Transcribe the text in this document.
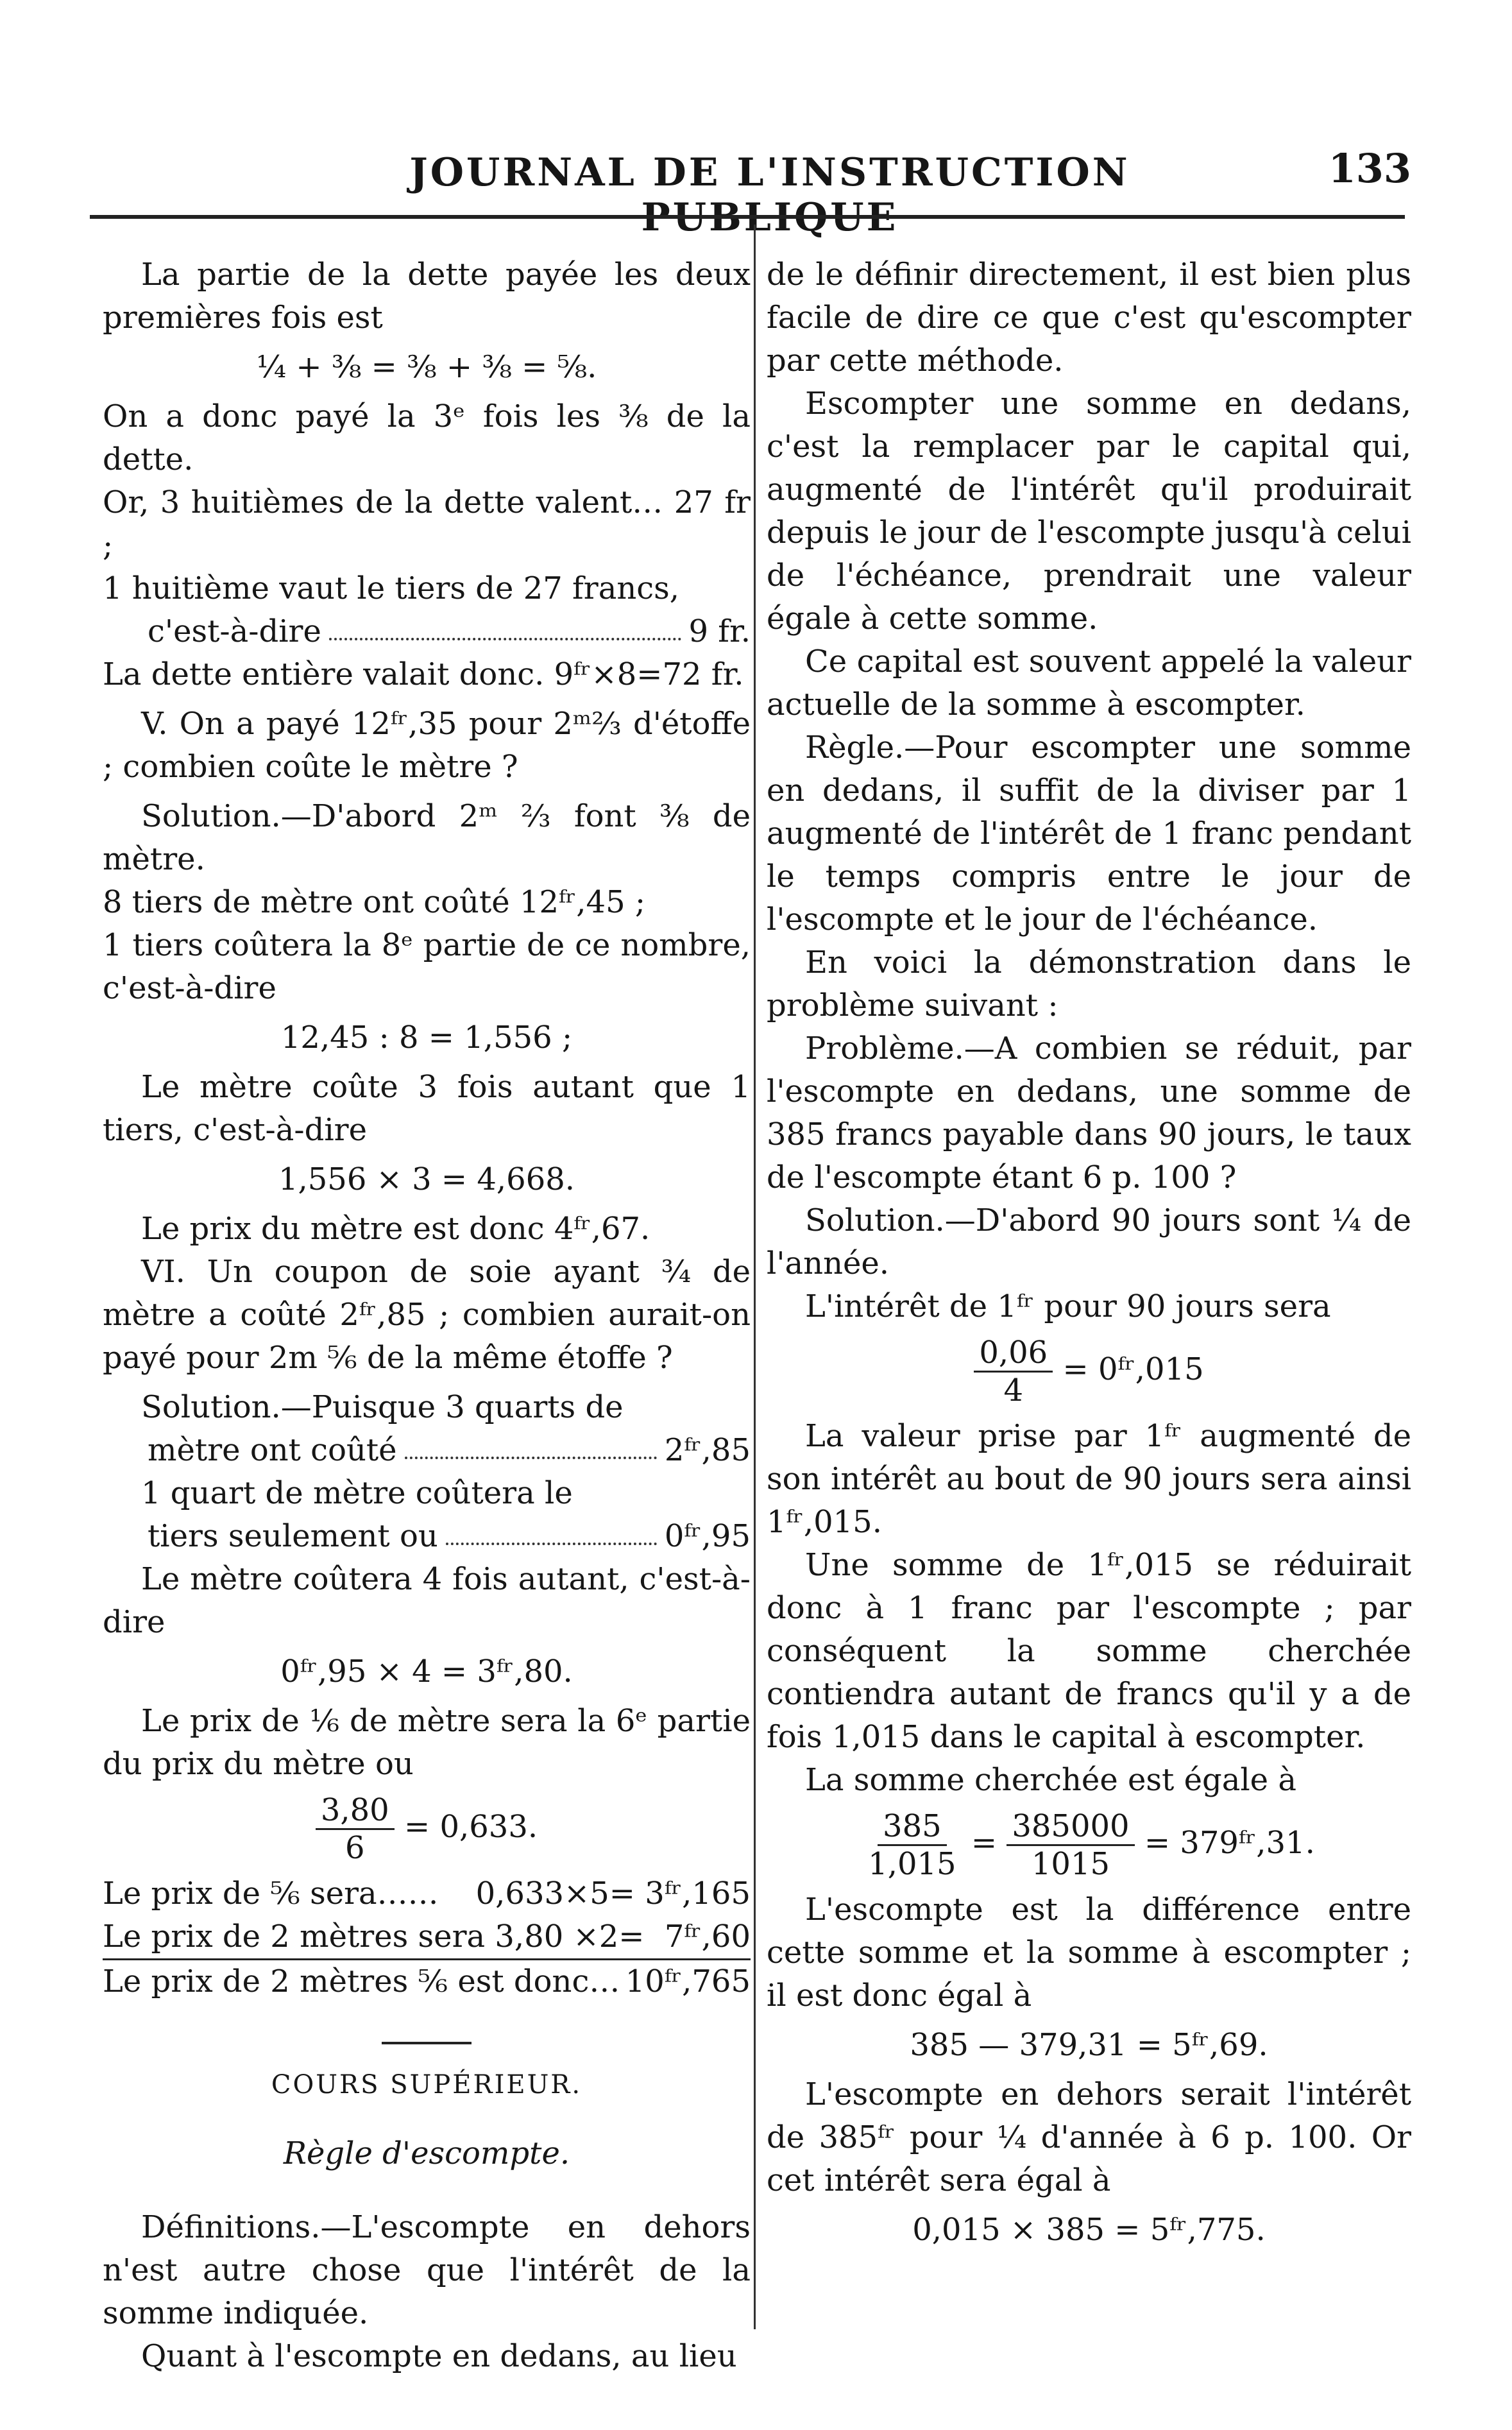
JOURNAL DE L'INSTRUCTION PUBLIQUE
133

La partie de la dette payée les deux premières fois est

¼ + ⅜ = ⅜ + ⅜ = ⅝.

On a donc payé la 3ᵉ fois les ⅜ de la dette.

Or, 3 huitièmes de la dette valent… 27 fr ;

1 huitième vaut le tiers de 27 francs,

c'est-à-dire	9 fr.

La dette entière valait donc. 9ᶠʳ×8=72 fr.

V. On a payé 12ᶠʳ,35 pour 2ᵐ⅔ d'étoffe ; combien coûte le mètre ?

Solution.—D'abord 2ᵐ ⅔ font ⅜ de mètre.

8 tiers de mètre ont coûté 12ᶠʳ,45 ;

1 tiers coûtera la 8ᵉ partie de ce nombre, c'est-à-dire

12,45 : 8 = 1,556 ;

Le mètre coûte 3 fois autant que 1 tiers, c'est-à-dire

1,556 × 3 = 4,668.

Le prix du mètre est donc 4ᶠʳ,67.

VI. Un coupon de soie ayant ¾ de mètre a coûté 2ᶠʳ,85 ; combien aurait-on payé pour 2m ⅚ de la même étoffe ?

Solution.—Puisque 3 quarts de

mètre ont coûté	2ᶠʳ,85

1 quart de mètre coûtera le

tiers seulement ou	0ᶠʳ,95

Le mètre coûtera 4 fois autant, c'est-à-dire

0ᶠʳ,95 × 4 = 3ᶠʳ,80.

Le prix de ⅙ de mètre sera la 6ᵉ partie du prix du mètre ou

$\frac{3,80}{6} = 0,633$.
Le prix de ⅚ sera…… 0,633×5= 3ᶠʳ,165
Le prix de 2 mètres sera 3,80 ×2= 7ᶠʳ,60
Le prix de 2 mètres ⅚ est donc… 10ᶠʳ,765

COURS SUPÉRIEUR.

Règle d'escompte.

Définitions.—L'escompte en dehors n'est autre chose que l'intérêt de la somme indiquée.

Quant à l'escompte en dedans, au lieu

de le définir directement, il est bien plus facile de dire ce que c'est qu'escompter par cette méthode.

Escompter une somme en dedans, c'est la remplacer par le capital qui, augmenté de l'intérêt qu'il produirait depuis le jour de l'escompte jusqu'à celui de l'échéance, prendrait une valeur égale à cette somme.

Ce capital est souvent appelé la valeur actuelle de la somme à escompter.

Règle.—Pour escompter une somme en dedans, il suffit de la diviser par 1 augmenté de l'intérêt de 1 franc pendant le temps compris entre le jour de l'escompte et le jour de l'échéance.

En voici la démonstration dans le problème suivant :

Problème.—A combien se réduit, par l'escompte en dedans, une somme de 385 francs payable dans 90 jours, le taux de l'escompte étant 6 p. 100 ?

Solution.—D'abord 90 jours sont ¼ de l'année.

L'intérêt de 1ᶠʳ pour 90 jours sera

$\frac{0,06}{4}$ = 0ᶠʳ,015

La valeur prise par 1ᶠʳ augmenté de son intérêt au bout de 90 jours sera ainsi 1ᶠʳ,015.

Une somme de 1ᶠʳ,015 se réduirait donc à 1 franc par l'escompte ; par conséquent la somme cherchée contiendra autant de francs qu'il y a de fois 1,015 dans le capital à escompter.

La somme cherchée est égale à

$\frac{385}{1,015} = \frac{385000}{1015}$ = 379ᶠʳ,31.

L'escompte est la différence entre cette somme et la somme à escompter ; il est donc égal à

385 — 379,31 = 5ᶠʳ,69.

L'escompte en dehors serait l'intérêt de 385ᶠʳ pour ¼ d'année à 6 p. 100. Or cet intérêt sera égal à

0,015 × 385 = 5ᶠʳ,775.
